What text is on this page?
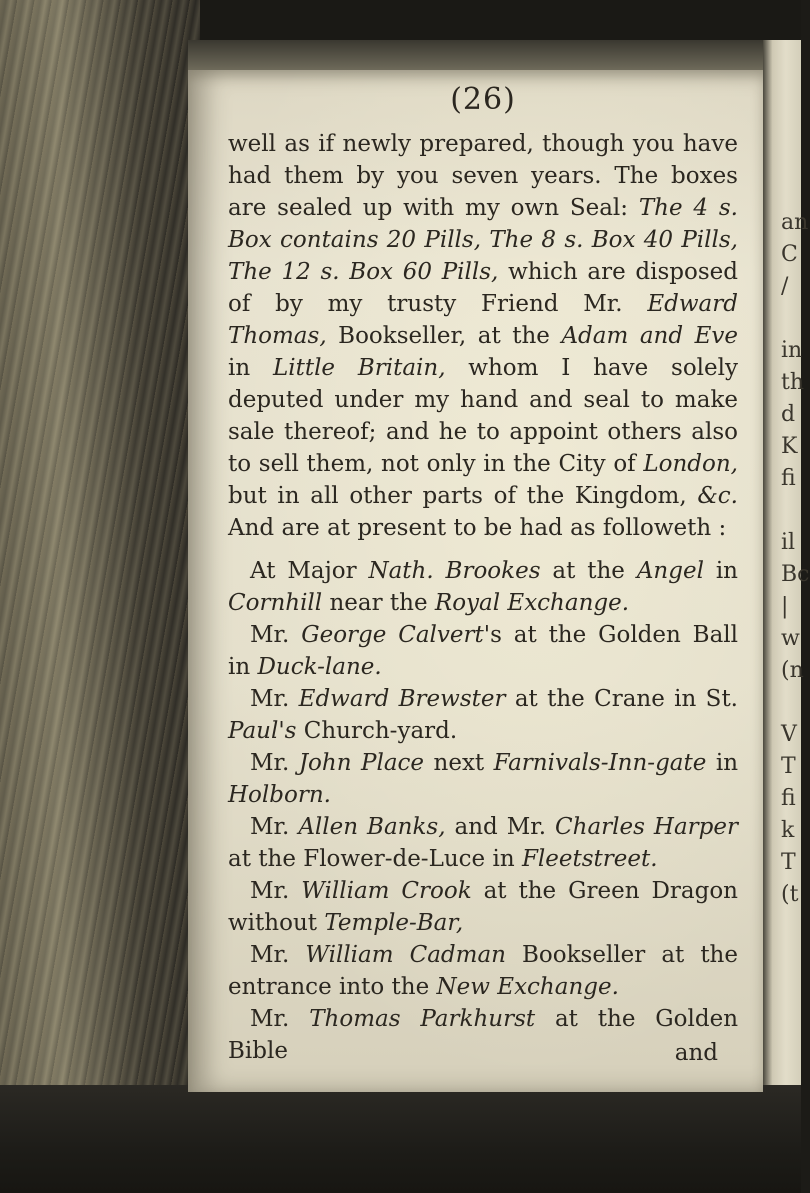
an
C
/
in
th
d
K
fi
il
Bc
|
w
(n
V
T
fi
k
T
(t
(26)
well as if newly prepared, though you have had them by you seven years. The boxes are sealed up with my own Seal: The 4 s. Box contains 20 Pills, The 8 s. Box 40 Pills, The 12 s. Box 60 Pills, which are disposed of by my trusty Friend Mr. Edward Thomas, Bookseller, at the Adam and Eve in Little Britain, whom I have solely deputed under my hand and seal to make sale thereof; and he to appoint others also to sell them, not only in the City of London, but in all other parts of the Kingdom, &c. And are at present to be had as followeth :
At Major Nath. Brookes at the Angel in Cornhill near the Royal Exchange.
Mr. George Calvert's at the Golden Ball in Duck-lane.
Mr. Edward Brewster at the Crane in St. Paul's Church-yard.
Mr. John Place next Farnivals-Inn-gate in Holborn.
Mr. Allen Banks, and Mr. Charles Harper at the Flower-de-Luce in Fleetstreet.
Mr. William Crook at the Green Dragon without Temple-Bar,
Mr. William Cadman Bookseller at the entrance into the New Exchange.
Mr. Thomas Parkhurst at the Golden Bible	and
